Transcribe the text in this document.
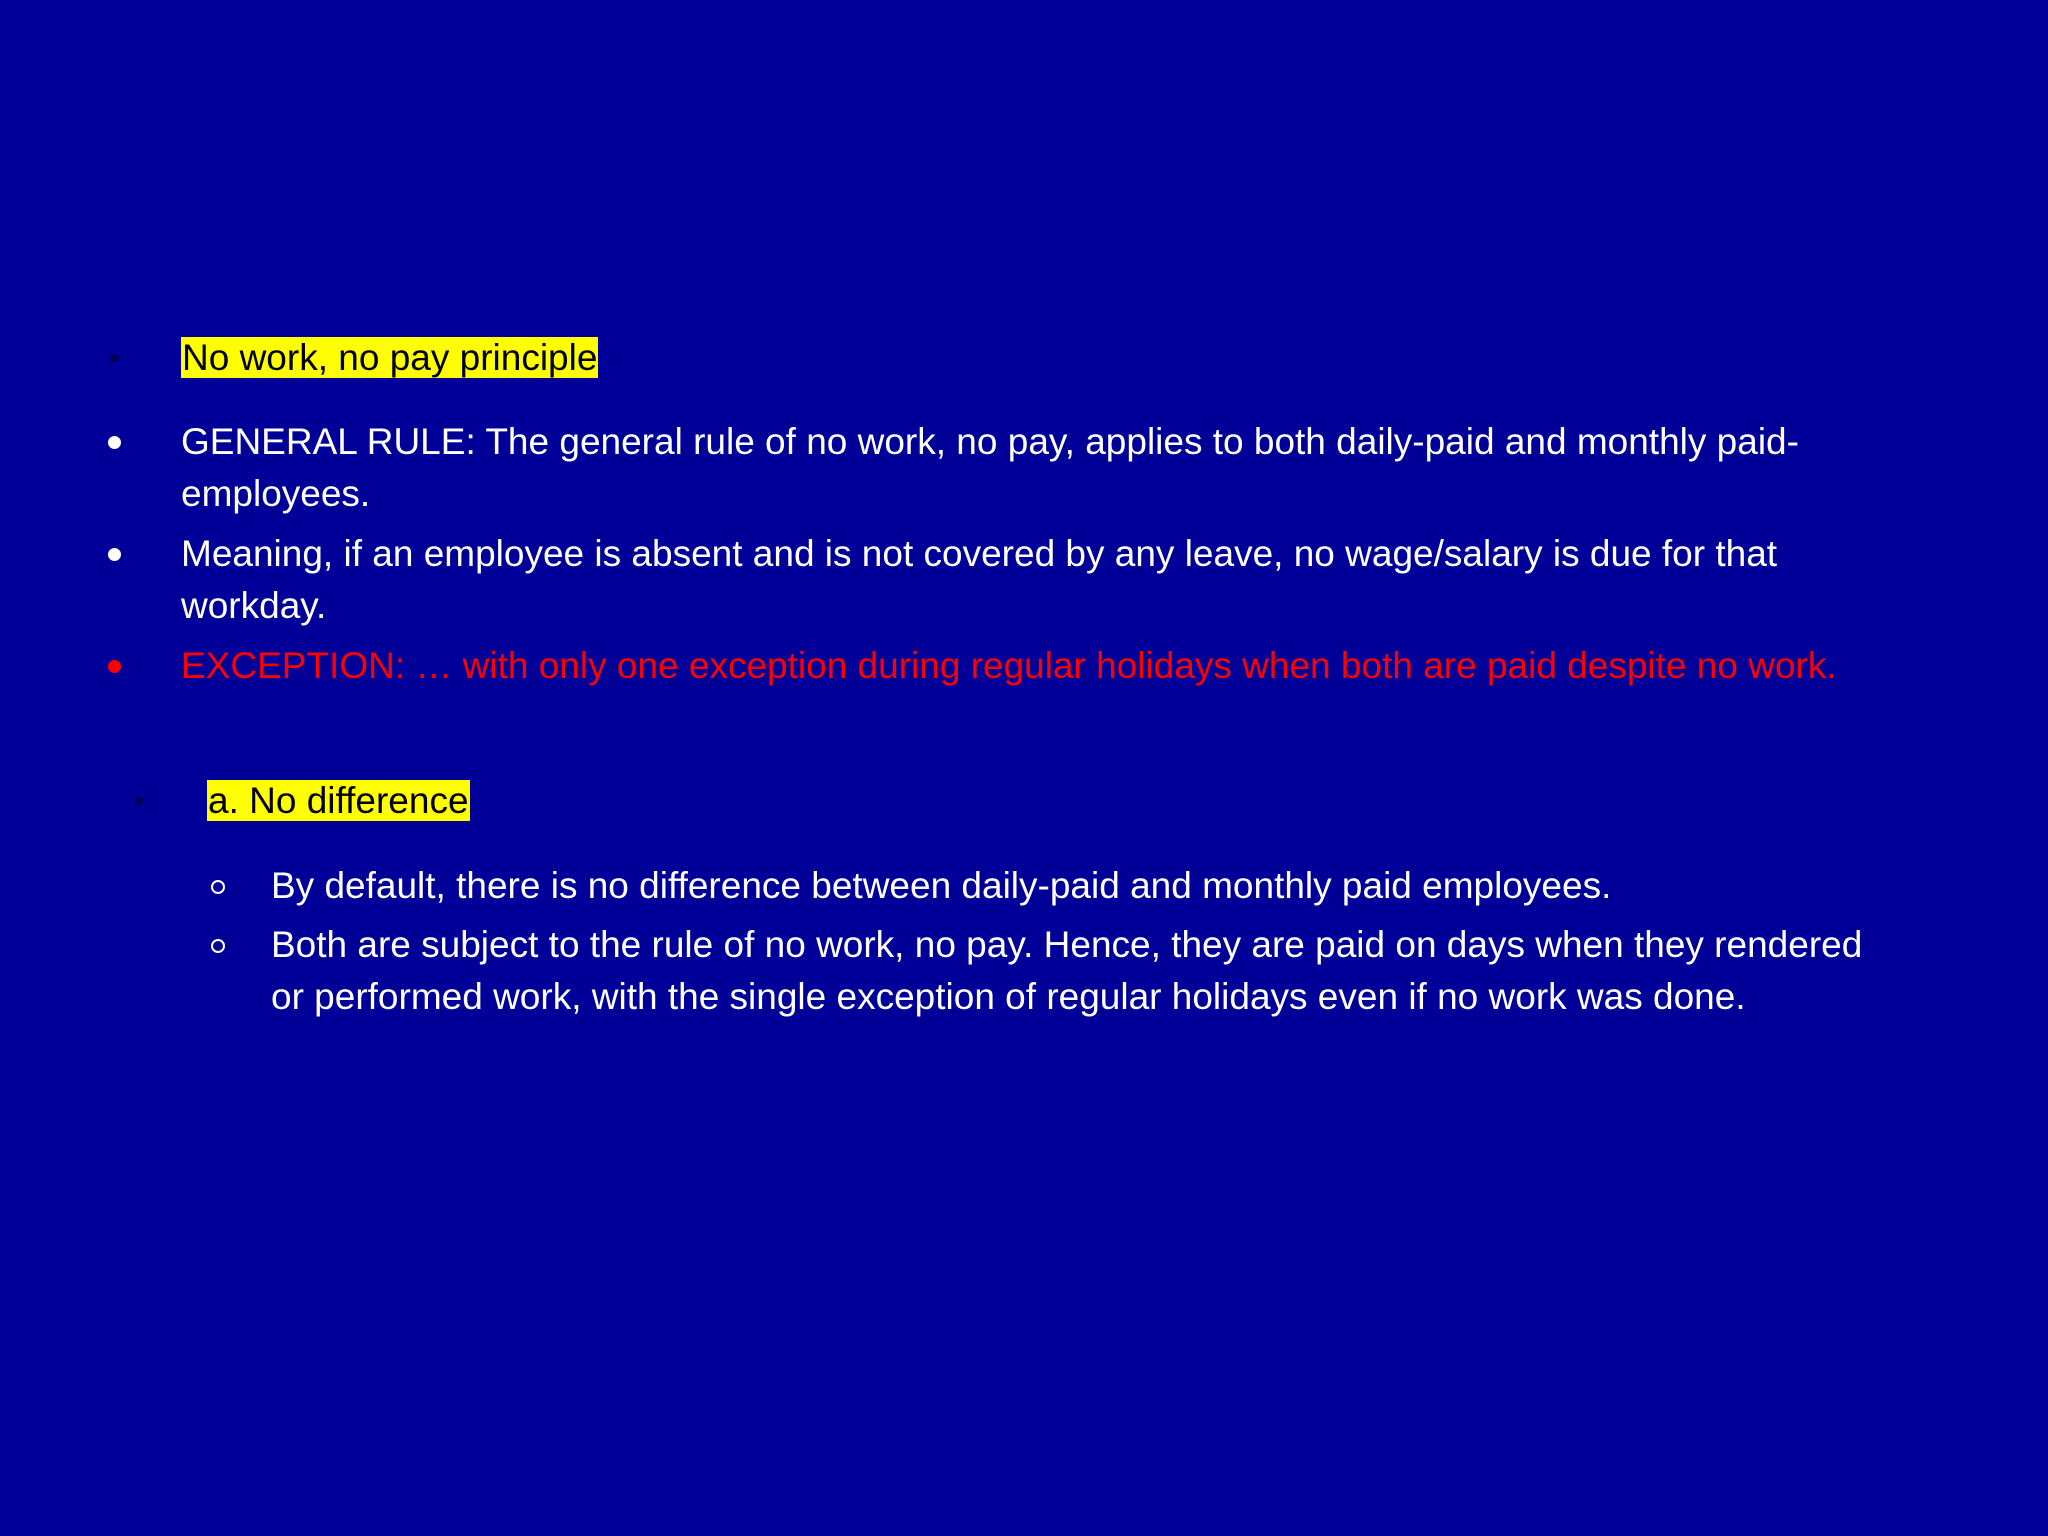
No work, no pay principle
GENERAL RULE: The general rule of no work, no pay, applies to both daily-paid and monthly paid-employees.
Meaning, if an employee is absent and is not covered by any leave, no wage/salary is due for that workday.
EXCEPTION: … with only one exception during regular holidays when both are paid despite no work.
a. No difference
By default, there is no difference between daily-paid and monthly paid employees.
Both are subject to the rule of no work, no pay. Hence, they are paid on days when they rendered or performed work, with the single exception of regular holidays even if no work was done.
